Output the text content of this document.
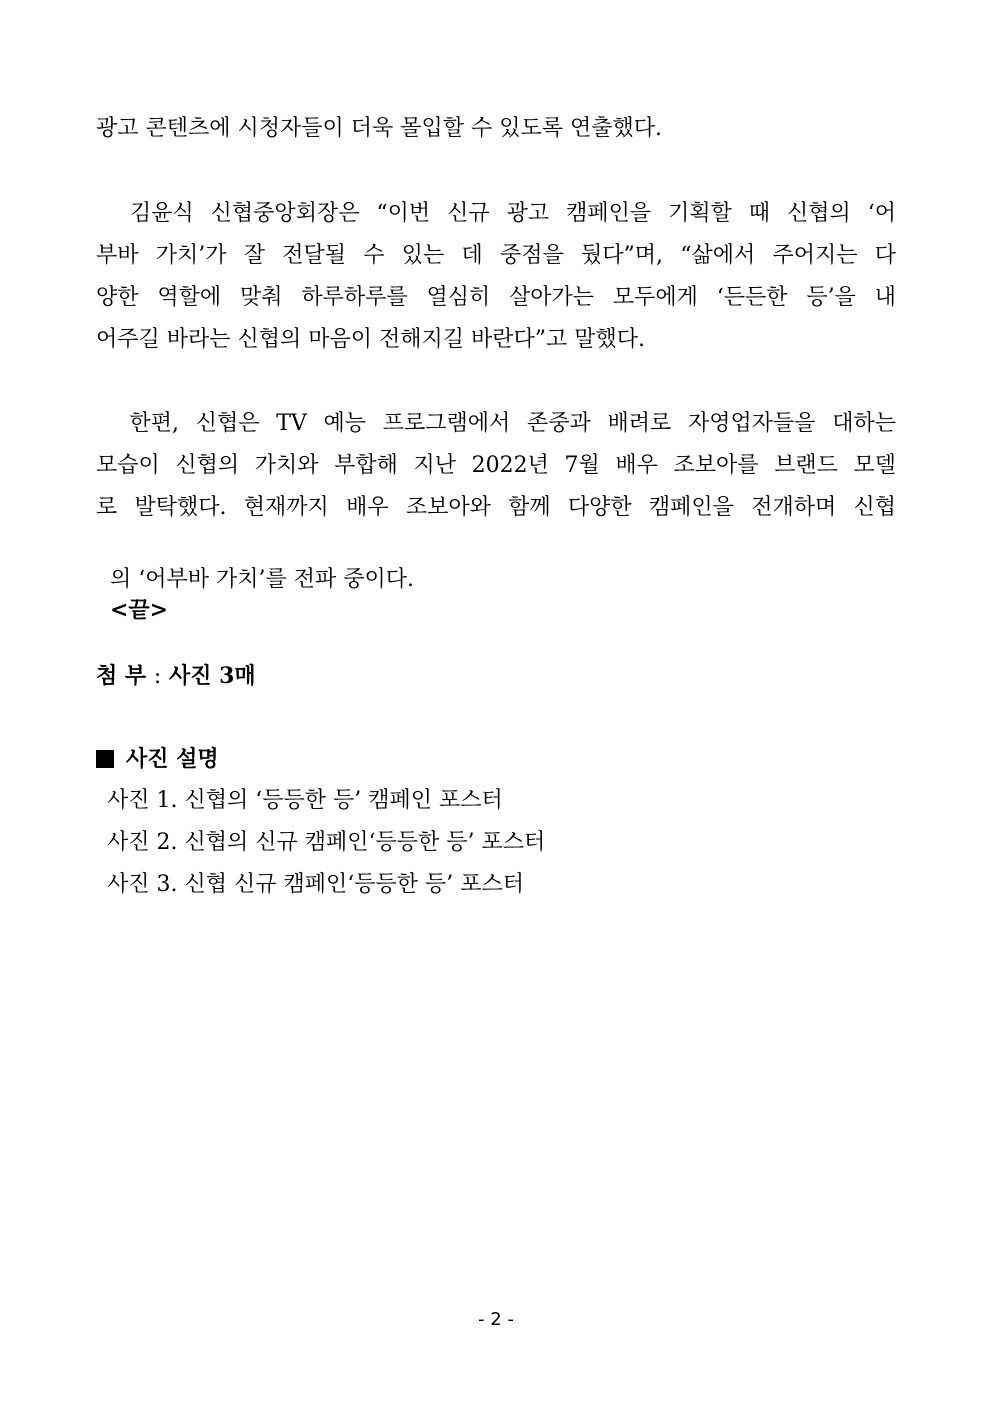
광고 콘텐츠에 시청자들이 더욱 몰입할 수 있도록 연출했다.

김윤식 신협중앙회장은 “이번 신규 광고 캠페인을 기획할 때 신협의 ‘어

부바 가치’가 잘 전달될 수 있는 데 중점을 뒀다”며, “삶에서 주어지는 다

양한 역할에 맞춰 하루하루를 열심히 살아가는 모두에게 ‘든든한 등’을 내

어주길 바라는 신협의 마음이 전해지길 바란다”고 말했다.

한편, 신협은 TV 예능 프로그램에서 존중과 배려로 자영업자들을 대하는

모습이 신협의 가치와 부합해 지난 2022년 7월 배우 조보아를 브랜드 모델

로 발탁했다. 현재까지 배우 조보아와 함께 다양한 캠페인을 전개하며 신협

의 ‘어부바 가치’를 전파 중이다.
<끝>

첨 부 : 사진 3매
사진 설명
사진 1. 신협의 ‘등등한 등’ 캠페인 포스터
사진 2. 신협의 신규 캠페인‘등등한 등’ 포스터
사진 3. 신협 신규 캠페인‘등등한 등’ 포스터
- 2 -
